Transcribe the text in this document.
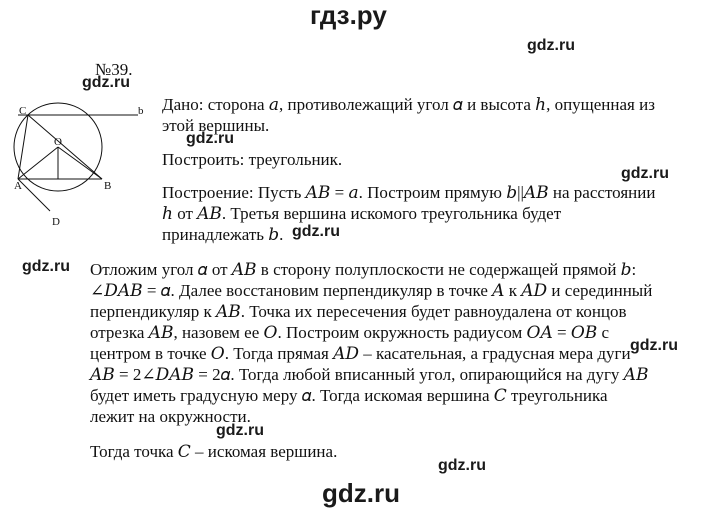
гдз.ру
gdz.ru
gdz.ru
gdz.ru
gdz.ru
gdz.ru
gdz.ru
gdz.ru
gdz.ru
gdz.ru
gdz.ru
№39.
C	b
O
A	B
D
Дано: сторона 𝑎, противолежащий угол 𝛼 и высота ℎ, опущенная из
этой вершины.
Построить: треугольник.
Построение: Пусть 𝐴𝐵 = 𝑎. Построим прямую 𝑏||𝐴𝐵 на расстоянии
ℎ от 𝐴𝐵. Третья вершина искомого треугольника будет
принадлежать 𝑏.
Отложим угол 𝛼 от 𝐴𝐵 в сторону полуплоскости не содержащей прямой 𝑏:
∠𝐷𝐴𝐵 = 𝛼. Далее восстановим перпендикуляр в точке 𝐴 к 𝐴𝐷 и серединный
перпендикуляр к 𝐴𝐵. Точка их пересечения будет равноудалена от концов
отрезка 𝐴𝐵, назовем ее 𝑂. Построим окружность радиусом 𝑂𝐴 = 𝑂𝐵 с
центром в точке 𝑂. Тогда прямая 𝐴𝐷 – касательная, а градусная мера дуги
𝐴𝐵 = 2∠𝐷𝐴𝐵 = 2𝛼. Тогда любой вписанный угол, опирающийся на дугу 𝐴𝐵
будет иметь градусную меру 𝛼. Тогда искомая вершина 𝐶 треугольника
лежит на окружности.
Тогда точка 𝐶 – искомая вершина.
